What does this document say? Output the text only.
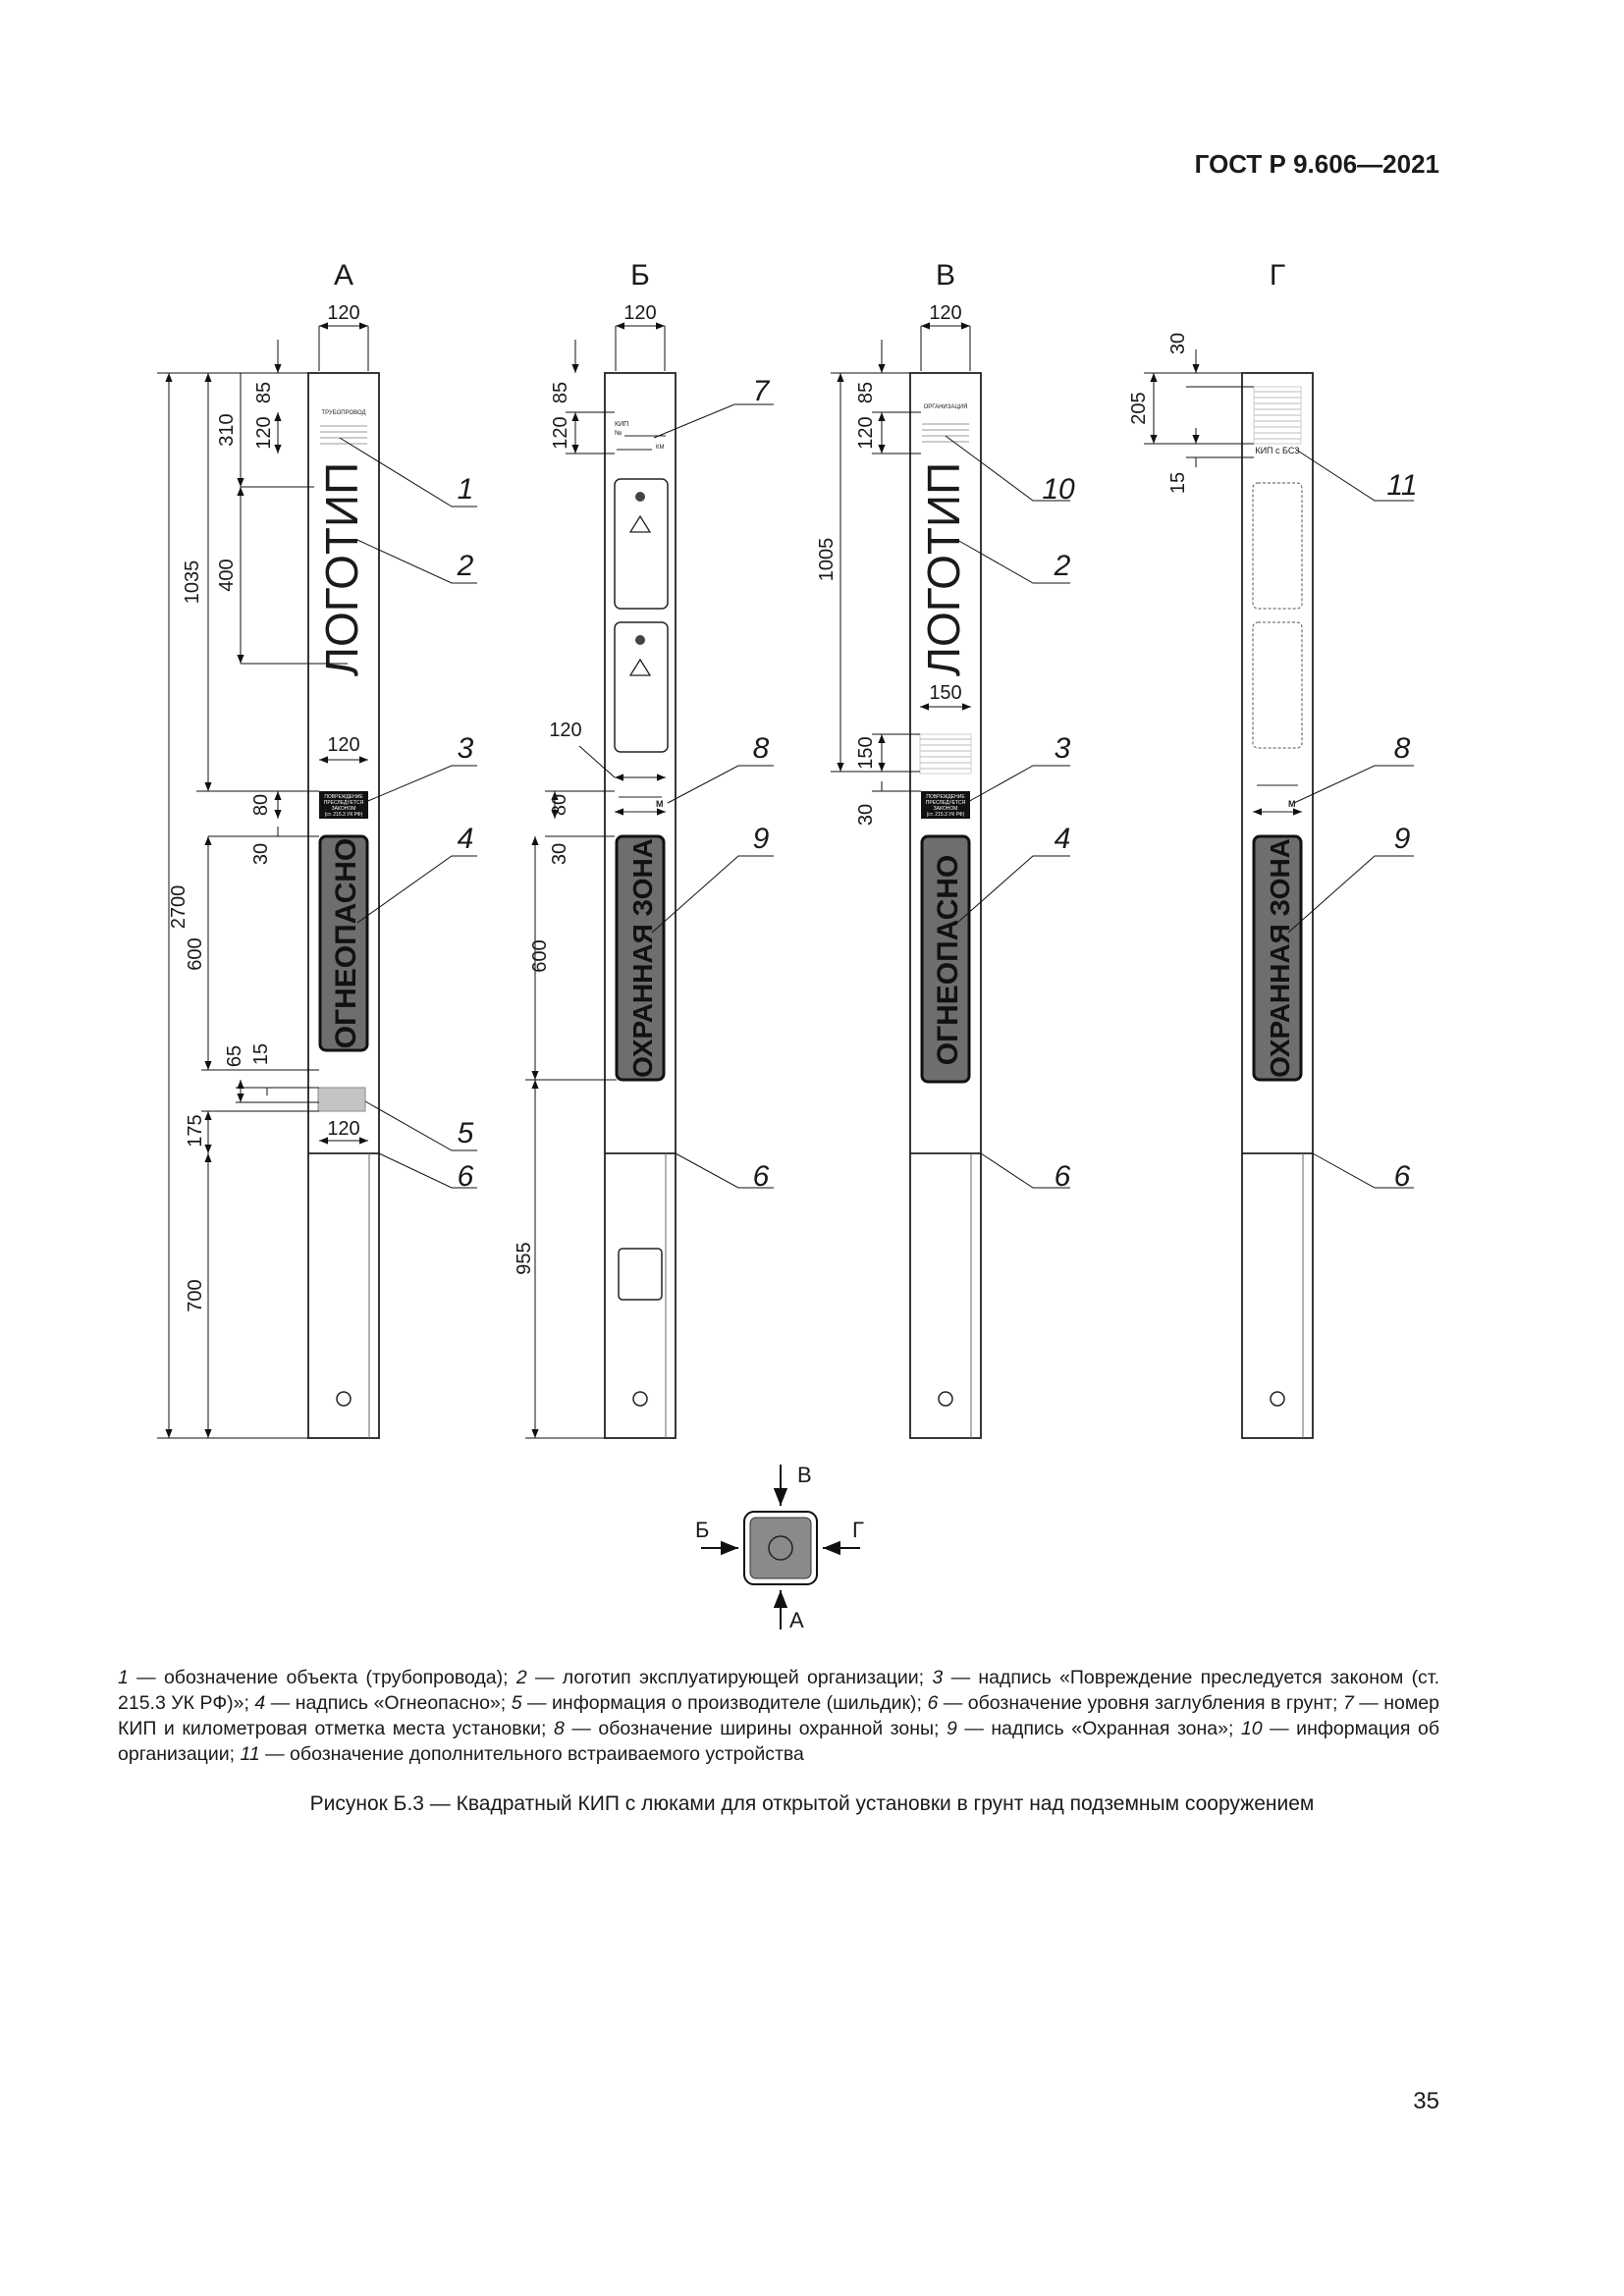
ГОСТ Р 9.606—2021
А
ТРУБОПРОВОД
ЛОГОТИП
ПОВРЕЖДЕНИЕ
ПРЕСЛЕДУЕТСЯ
ЗАКОНОМ
(ст. 215.3 УК РФ)
ОГНЕОПАСНО
120
2700
1035
310
400
85
120
120
80
30
600
65 15
175	120
700
1
2
3
4
5
6
Б
КИП
№
КМ
М
ОХРАННАЯ ЗОНА
120
85
120
120
80
30
600
955
7
8
9
6
В
ОРГАНИЗАЦИЯ
ЛОГОТИП
ПОВРЕЖДЕНИЕ
ПРЕСЛЕДУЕТСЯ
ЗАКОНОМ
(ст. 215.3 УК РФ)
ОГНЕОПАСНО
120
85
120
1005
150
150
30
10
2
3
4
6
Г
КИП с БСЗ
М
ОХРАННАЯ ЗОНА
30
205
15	11
8
9
6
В
Б	Г
А
1 — обозначение объекта (трубопровода); 2 — логотип эксплуатирующей организации; 3 — надпись «Повреждение преследуется законом (ст. 215.3 УК РФ)»; 4 — надпись «Огнеопасно»; 5 — информация о производителе (шильдик); 6 — обозначение уровня заглубления в грунт; 7 — номер КИП и километровая отметка места установки; 8 — обозначение ширины охранной зоны; 9 — надпись «Охранная зона»; 10 — информация об организации; 11 — обозначение дополнительного встраиваемого устройства
Рисунок Б.3 — Квадратный КИП с люками для открытой установки в грунт над подземным сооружением
35
